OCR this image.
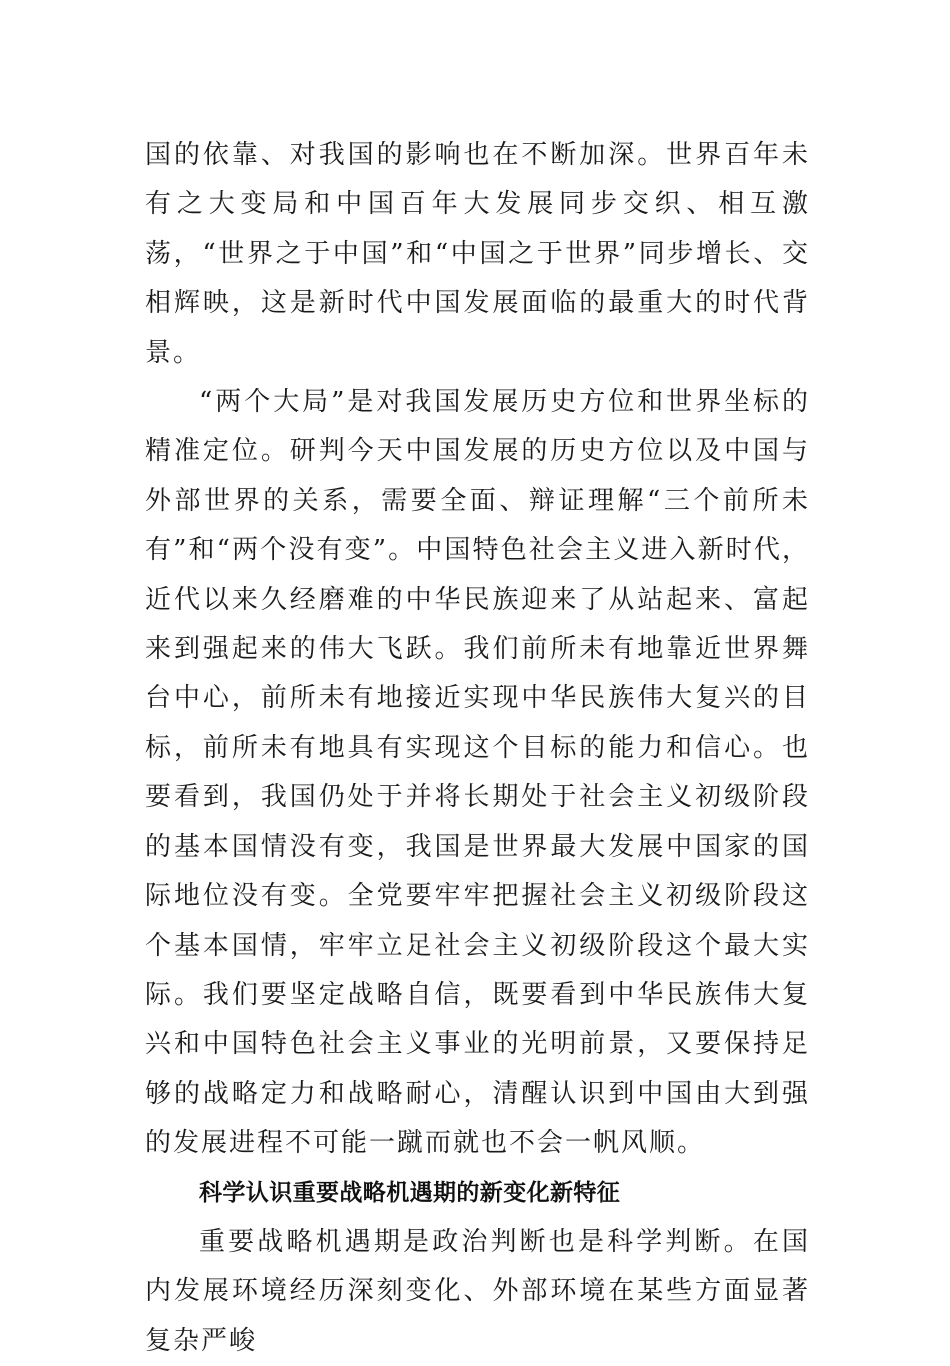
国的依靠、对我国的影响也在不断加深。世界百年未有之大变局和中国百年大发展同步交织、相互激荡，“世界之于中国”和“中国之于世界”同步增长、交相辉映，这是新时代中国发展面临的最重大的时代背景。

“两个大局”是对我国发展历史方位和世界坐标的精准定位。研判今天中国发展的历史方位以及中国与外部世界的关系，需要全面、辩证理解“三个前所未有”和“两个没有变”。中国特色社会主义进入新时代，近代以来久经磨难的中华民族迎来了从站起来、富起来到强起来的伟大飞跃。我们前所未有地靠近世界舞台中心，前所未有地接近实现中华民族伟大复兴的目标，前所未有地具有实现这个目标的能力和信心。也要看到，我国仍处于并将长期处于社会主义初级阶段的基本国情没有变，我国是世界最大发展中国家的国际地位没有变。全党要牢牢把握社会主义初级阶段这个基本国情，牢牢立足社会主义初级阶段这个最大实际。我们要坚定战略自信，既要看到中华民族伟大复兴和中国特色社会主义事业的光明前景，又要保持足够的战略定力和战略耐心，清醒认识到中国由大到强的发展进程不可能一蹴而就也不会一帆风顺。

科学认识重要战略机遇期的新变化新特征

重要战略机遇期是政治判断也是科学判断。在国内发展环境经历深刻变化、外部环境在某些方面显著复杂严峻
